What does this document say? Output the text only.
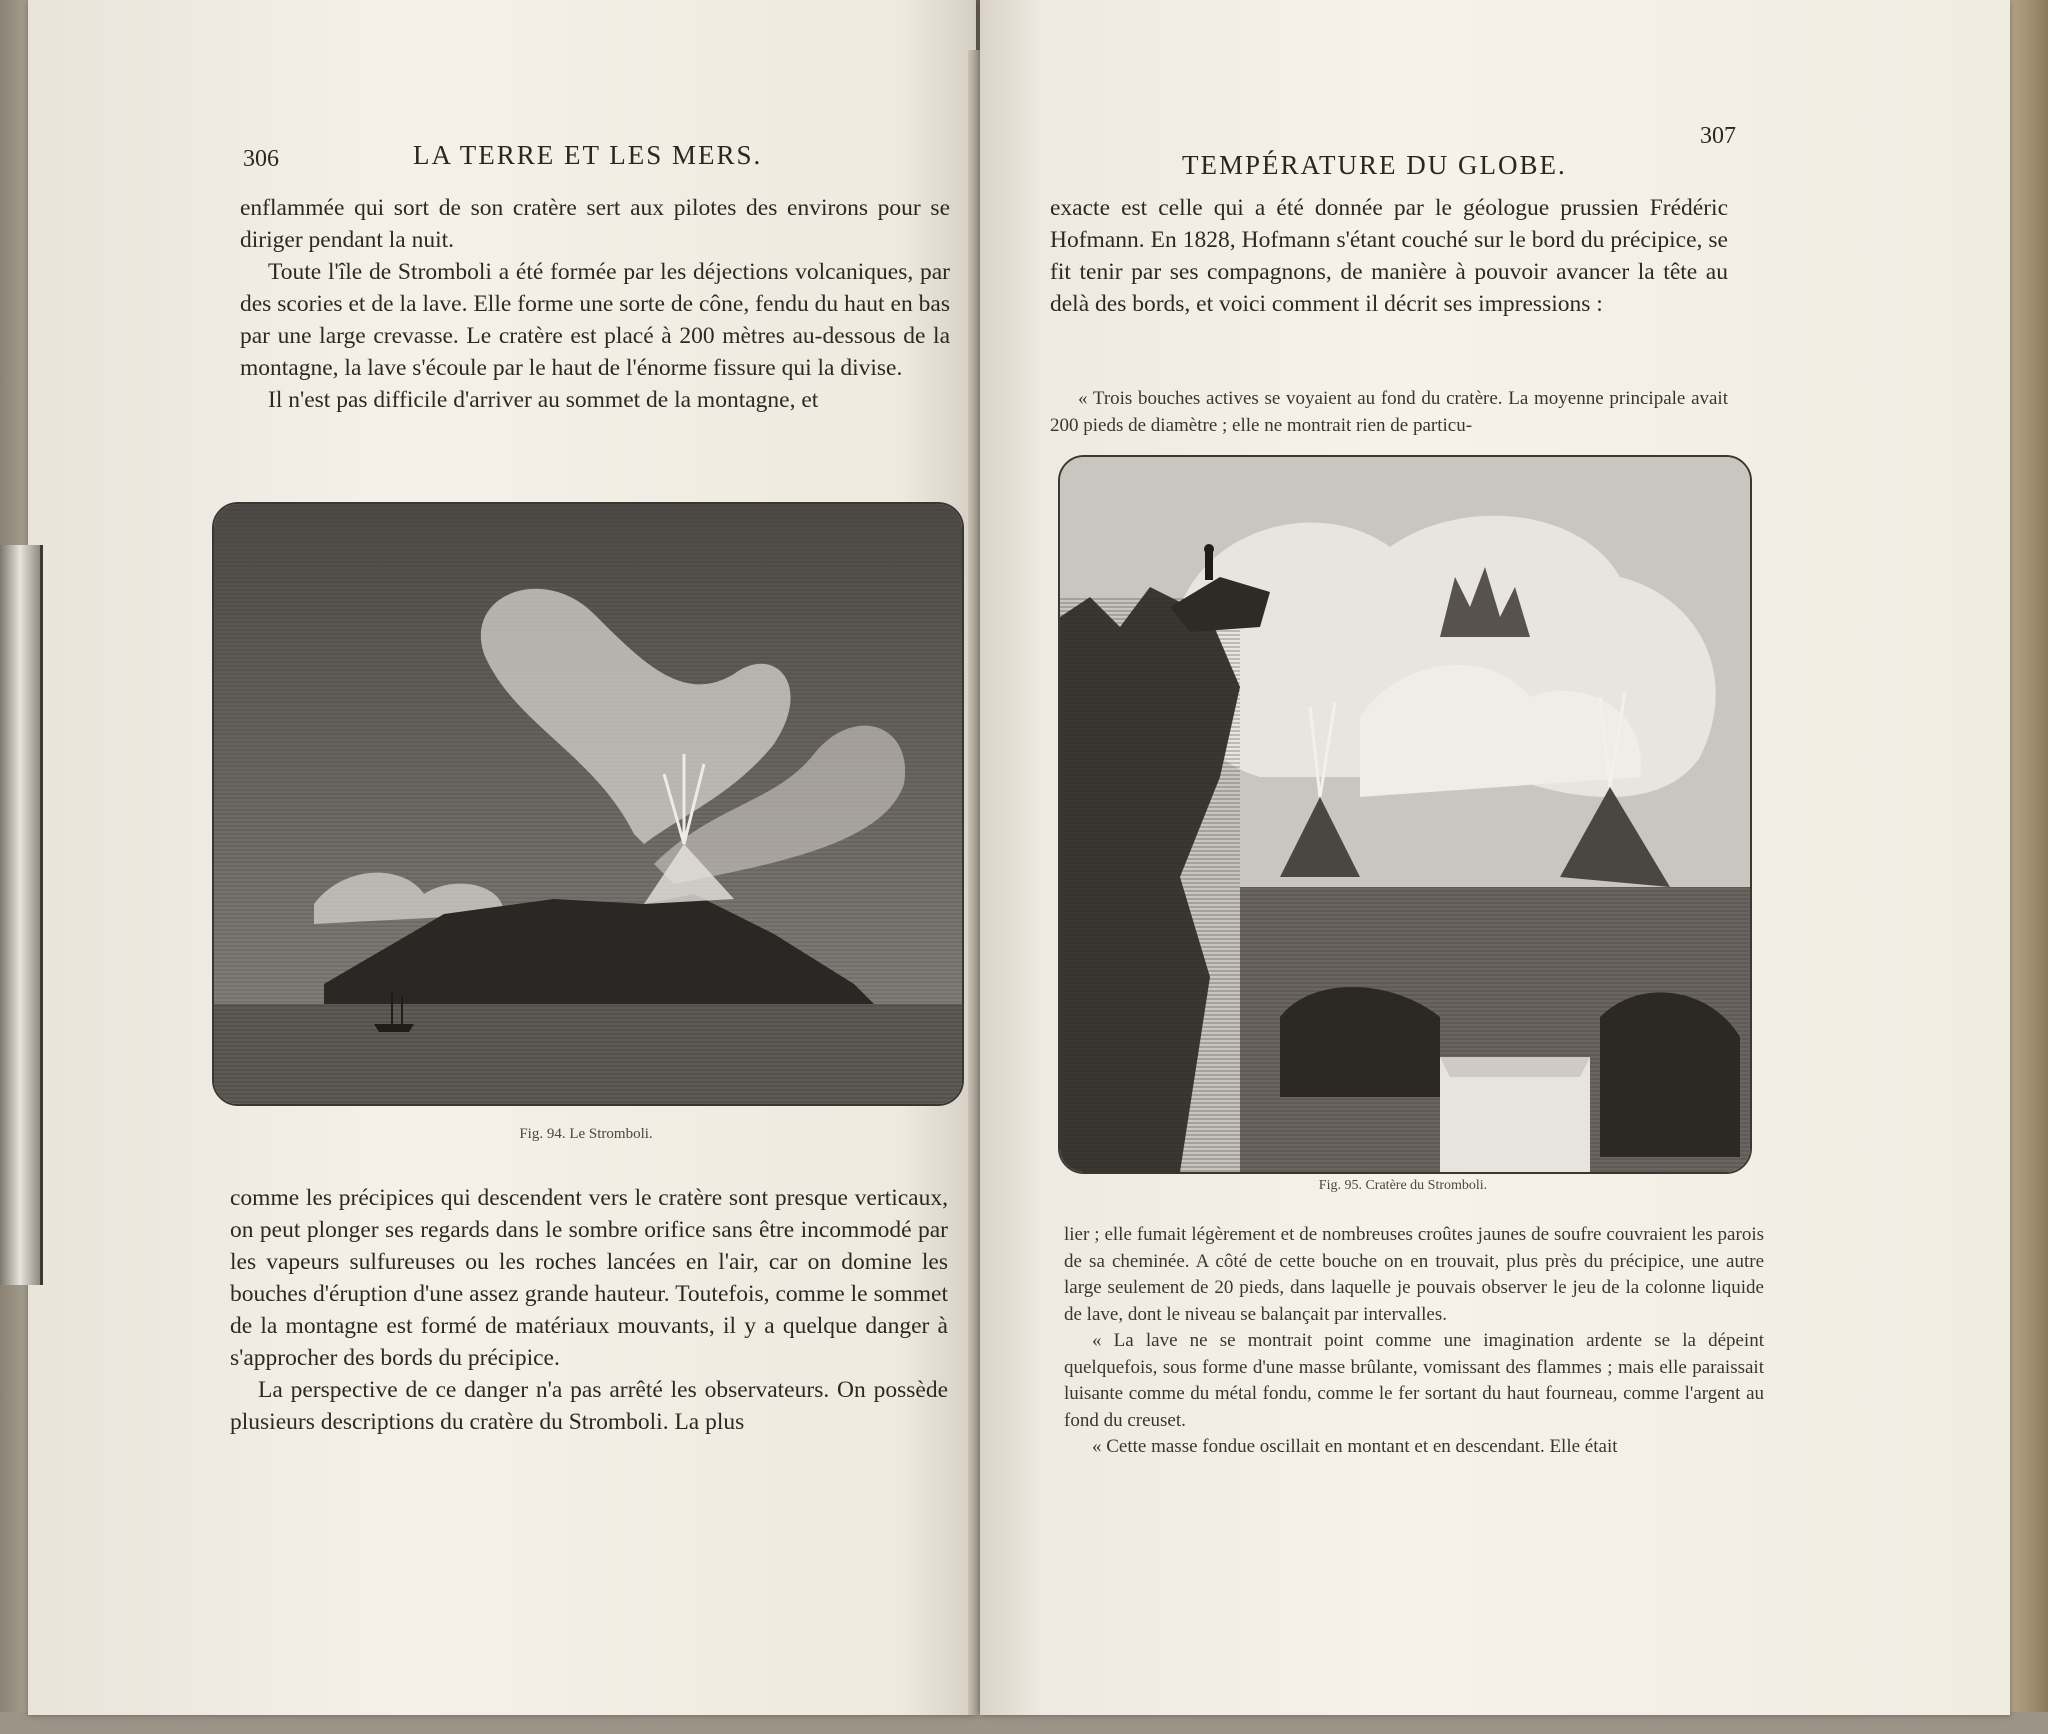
306	LA TERRE ET LES MERS.

enflammée qui sort de son cratère sert aux pilotes des environs pour se diriger pendant la nuit.

Toute l'île de Stromboli a été formée par les déjections volcaniques, par des scories et de la lave. Elle forme une sorte de cône, fendu du haut en bas par une large crevasse. Le cratère est placé à 200 mètres au-dessous de la montagne, la lave s'écoule par le haut de l'énorme fissure qui la divise.

Il n'est pas difficile d'arriver au sommet de la montagne, et

Fig. 94. Le Stromboli.

comme les précipices qui descendent vers le cratère sont presque verticaux, on peut plonger ses regards dans le sombre orifice sans être incommodé par les vapeurs sulfureuses ou les roches lancées en l'air, car on domine les bouches d'éruption d'une assez grande hauteur. Toutefois, comme le sommet de la montagne est formé de matériaux mouvants, il y a quelque danger à s'approcher des bords du précipice.

La perspective de ce danger n'a pas arrêté les observateurs. On possède plusieurs descriptions du cratère du Stromboli. La plus

TEMPÉRATURE DU GLOBE.
307

exacte est celle qui a été donnée par le géologue prussien Frédéric Hofmann. En 1828, Hofmann s'étant couché sur le bord du précipice, se fit tenir par ses compagnons, de manière à pouvoir avancer la tête au delà des bords, et voici comment il décrit ses impressions :

« Trois bouches actives se voyaient au fond du cratère. La moyenne principale avait 200 pieds de diamètre ; elle ne montrait rien de particu-

Fig. 95. Cratère du Stromboli.

lier ; elle fumait légèrement et de nombreuses croûtes jaunes de soufre couvraient les parois de sa cheminée. A côté de cette bouche on en trouvait, plus près du précipice, une autre large seulement de 20 pieds, dans laquelle je pouvais observer le jeu de la colonne liquide de lave, dont le niveau se balançait par intervalles.

« La lave ne se montrait point comme une imagination ardente se la dépeint quelquefois, sous forme d'une masse brûlante, vomissant des flammes ; mais elle paraissait luisante comme du métal fondu, comme le fer sortant du haut fourneau, comme l'argent au fond du creuset.

« Cette masse fondue oscillait en montant et en descendant. Elle était
